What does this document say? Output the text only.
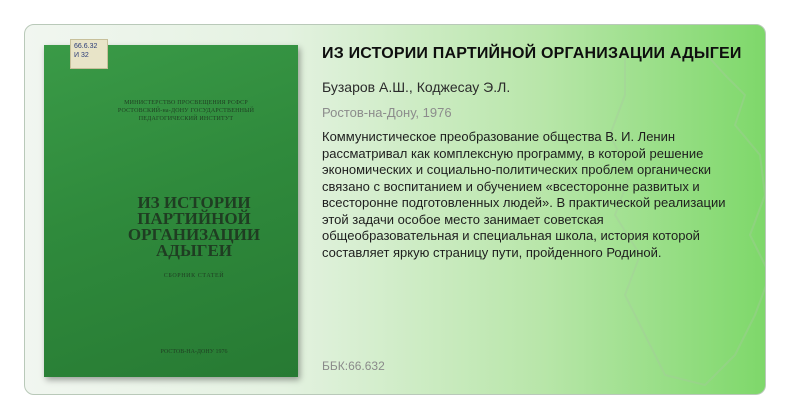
66.6.32 И 32
МИНИСТЕРСТВО ПРОСВЕЩЕНИЯ РСФСР РОСТОВСКИЙ-на-ДОНУ ГОСУДАРСТВЕННЫЙ ПЕДАГОГИЧЕСКИЙ ИНСТИТУТ
ИЗ ИСТОРИИ ПАРТИЙНОЙ ОРГАНИЗАЦИИ АДЫГЕИ
СБОРНИК СТАТЕЙ
РОСТОВ-НА-ДОНУ 1976
ИЗ ИСТОРИИ ПАРТИЙНОЙ ОРГАНИЗАЦИИ АДЫГЕИ
Бузаров А.Ш., Коджесау Э.Л.
Ростов-на-Дону, 1976

Коммунистическое преобразование общества В. И. Ленин рассматривал как комплексную программу, в которой решение экономических и социально-политических проблем органически связано с воспитанием и обучением «всесторонне развитых и всесторонне подготовленных людей». В практической реализации этой задачи особое место занимает советская общеобразовательная и специальная школа, история которой составляет яркую страницу пути, пройденного Родиной.

ББК:66.632
